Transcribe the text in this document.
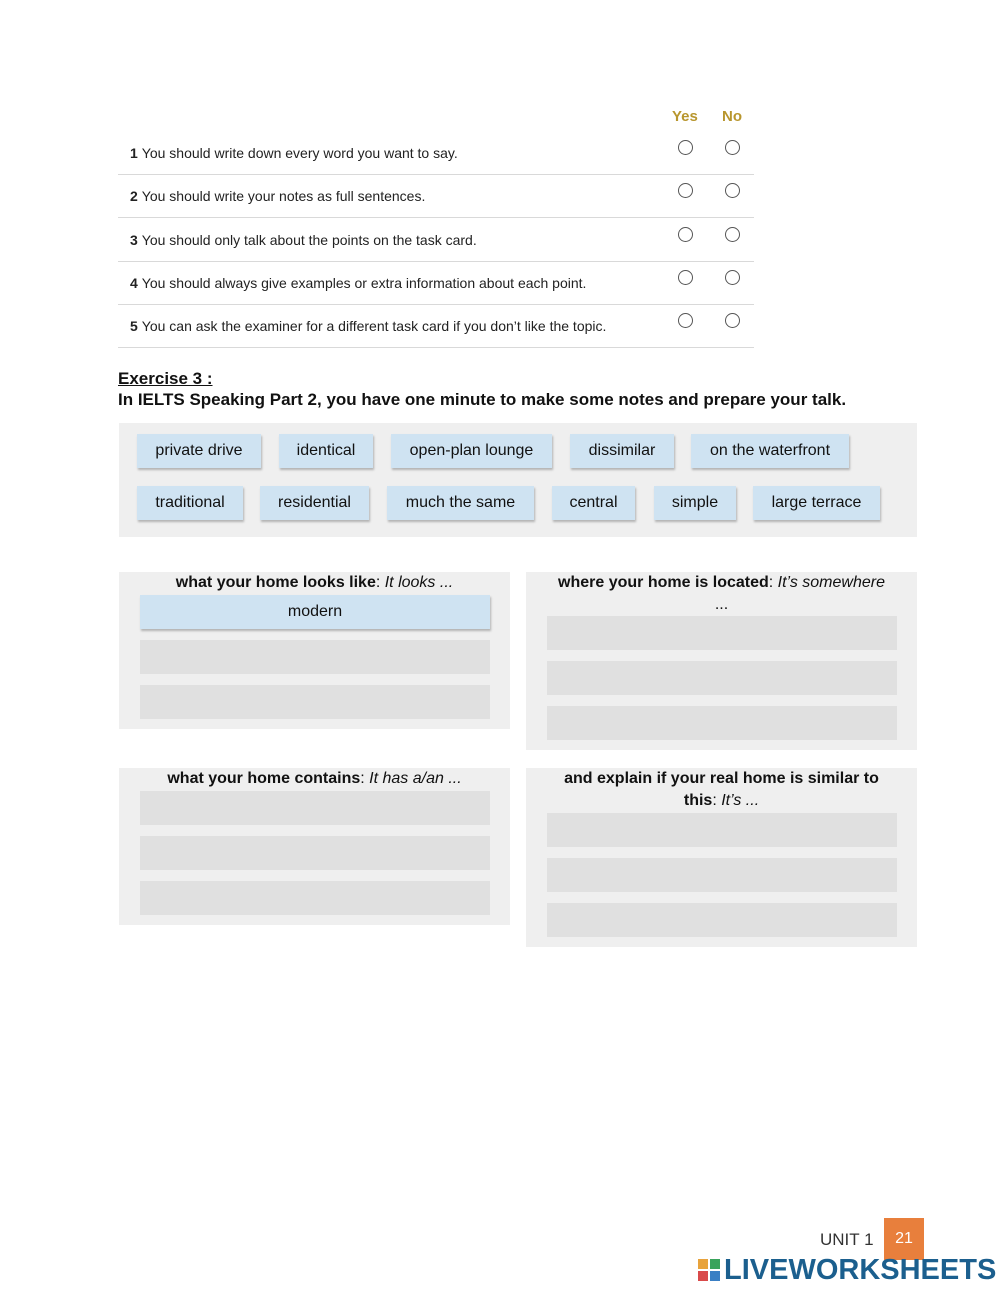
Yes No
1 You should write down every word you want to say.
2 You should write your notes as full sentences.
3 You should only talk about the points on the task card.
4 You should always give examples or extra information about each point.
5 You can ask the examiner for a different task card if you don’t like the topic.
Exercise 3 :
In IELTS Speaking Part 2, you have one minute to make some notes and prepare your talk.
private drive	identical	open-plan lounge	dissimilar	on the waterfront
traditional	residential	much the same	central	simple	large terrace
what your home looks like: It looks ...
modern
where your home is located: It’s somewhere
...
what your home contains: It has a/an ...	and explain if your real home is similar to
this: It’s ...
UNIT 1	21
LIVEWORKSHEETS
